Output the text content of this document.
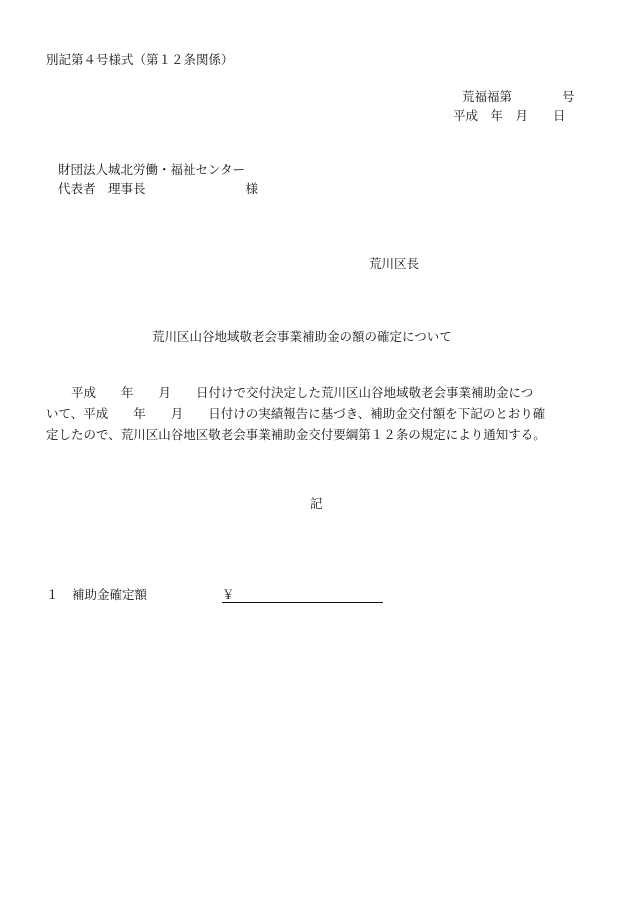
別記第４号様式（第１２条関係）
荒福福第　　　　号
平成　年　月　　日
財団法人城北労働・福祉センター
代表者　理事長　　　　　　　　様
荒川区長
荒川区山谷地域敬老会事業補助金の額の確定について
　　平成　　年　　月　　日付けで交付決定した荒川区山谷地域敬老会事業補助金につ
いて、平成　　年　　月　　日付けの実績報告に基づき、補助金交付額を下記のとおり確
定したので、荒川区山谷地区敬老会事業補助金交付要綱第１２条の規定により通知する。
記
１ 補助金確定額	￥
